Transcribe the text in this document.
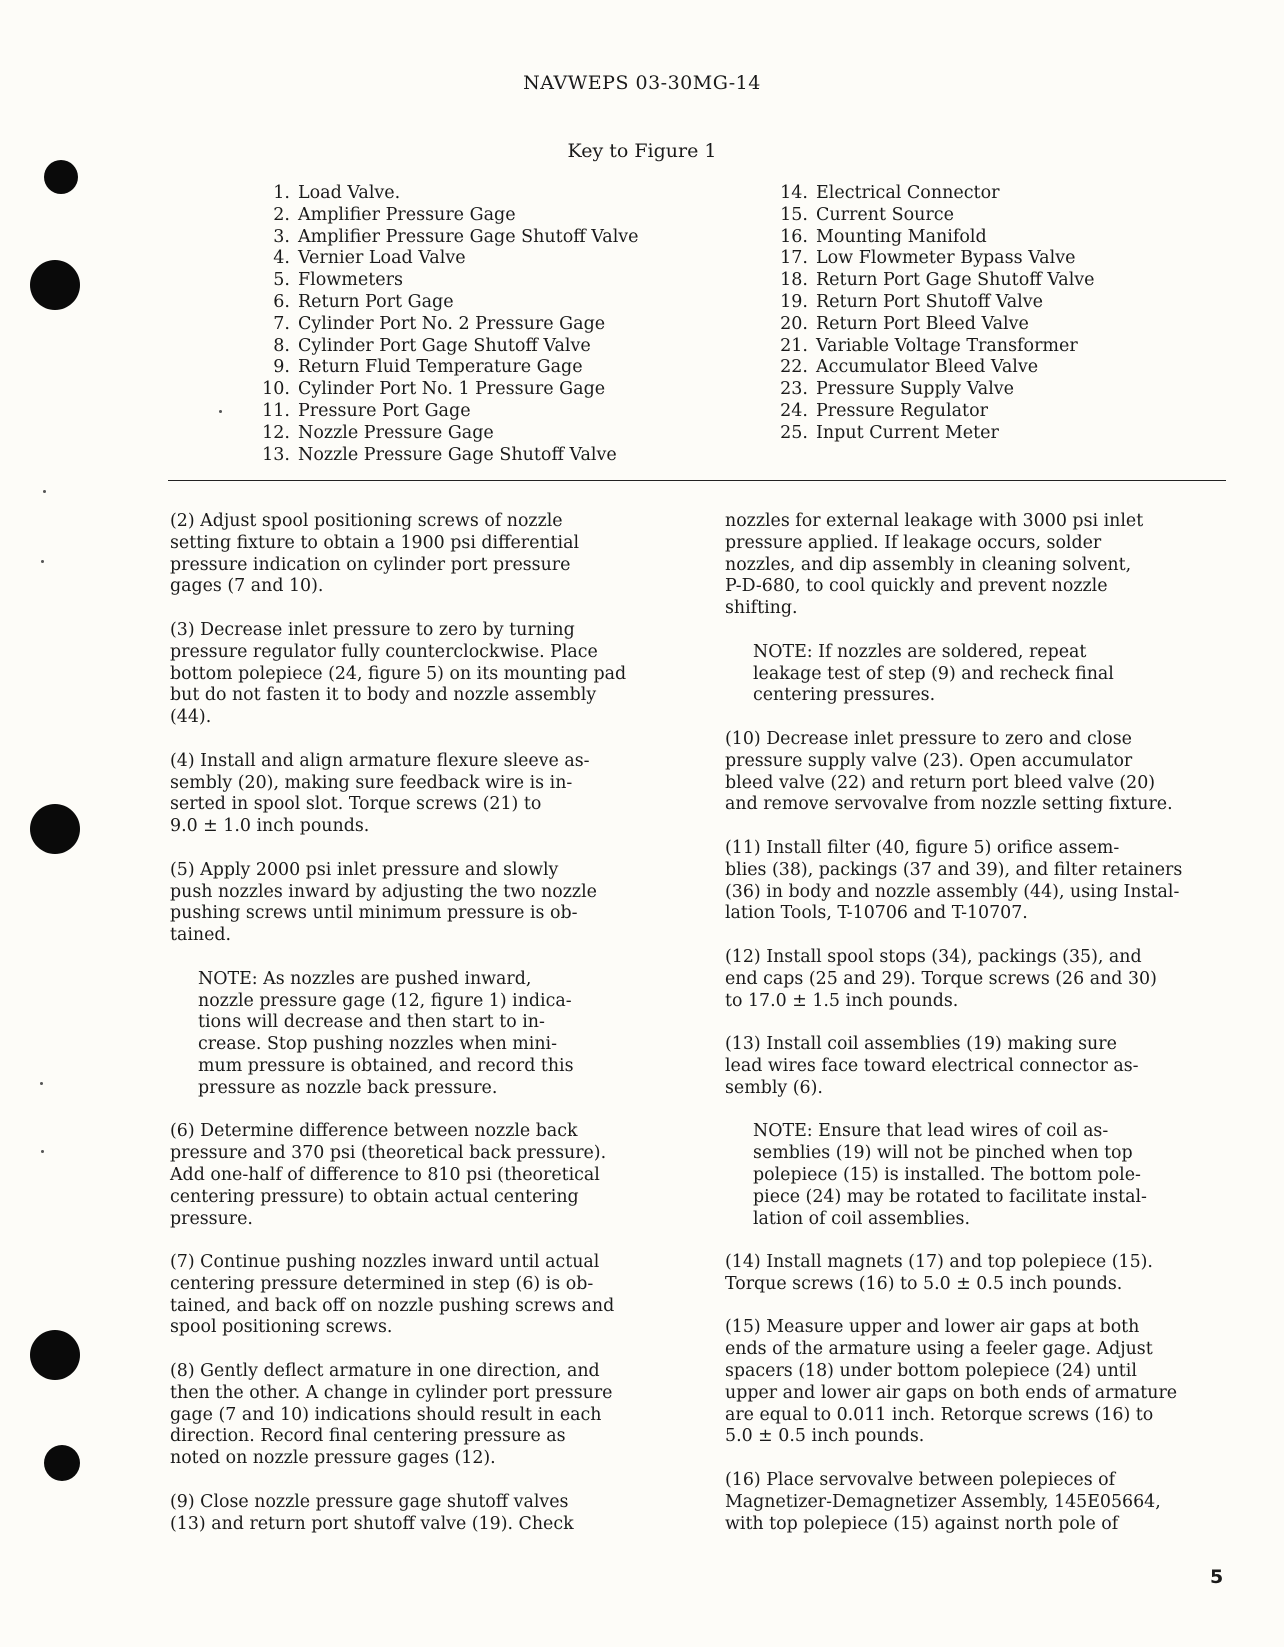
NAVWEPS 03-30MG-14
Key to Figure 1
1. Load Valve.
2. Amplifier Pressure Gage
3. Amplifier Pressure Gage Shutoff Valve
4. Vernier Load Valve
5. Flowmeters
6. Return Port Gage
7. Cylinder Port No. 2 Pressure Gage
8. Cylinder Port Gage Shutoff Valve
9. Return Fluid Temperature Gage
10. Cylinder Port No. 1 Pressure Gage
11. Pressure Port Gage
12. Nozzle Pressure Gage
13. Nozzle Pressure Gage Shutoff Valve
14. Electrical Connector
15. Current Source
16. Mounting Manifold
17. Low Flowmeter Bypass Valve
18. Return Port Gage Shutoff Valve
19. Return Port Shutoff Valve
20. Return Port Bleed Valve
21. Variable Voltage Transformer
22. Accumulator Bleed Valve
23. Pressure Supply Valve
24. Pressure Regulator
25. Input Current Meter

(2) Adjust spool positioning screws of nozzle
setting fixture to obtain a 1900 psi differential
pressure indication on cylinder port pressure
gages (7 and 10).

(3) Decrease inlet pressure to zero by turning
pressure regulator fully counterclockwise. Place
bottom polepiece (24, figure 5) on its mounting pad
but do not fasten it to body and nozzle assembly
(44).

(4) Install and align armature flexure sleeve as-
sembly (20), making sure feedback wire is in-
serted in spool slot. Torque screws (21) to
9.0 ± 1.0 inch pounds.

(5) Apply 2000 psi inlet pressure and slowly
push nozzles inward by adjusting the two nozzle
pushing screws until minimum pressure is ob-
tained.

NOTE: As nozzles are pushed inward,
nozzle pressure gage (12, figure 1) indica-
tions will decrease and then start to in-
crease. Stop pushing nozzles when mini-
mum pressure is obtained, and record this
pressure as nozzle back pressure.

(6) Determine difference between nozzle back
pressure and 370 psi (theoretical back pressure).
Add one-half of difference to 810 psi (theoretical
centering pressure) to obtain actual centering
pressure.

(7) Continue pushing nozzles inward until actual
centering pressure determined in step (6) is ob-
tained, and back off on nozzle pushing screws and
spool positioning screws.

(8) Gently deflect armature in one direction, and
then the other. A change in cylinder port pressure
gage (7 and 10) indications should result in each
direction. Record final centering pressure as
noted on nozzle pressure gages (12).

(9) Close nozzle pressure gage shutoff valves
(13) and return port shutoff valve (19). Check

nozzles for external leakage with 3000 psi inlet
pressure applied. If leakage occurs, solder
nozzles, and dip assembly in cleaning solvent,
P-D-680, to cool quickly and prevent nozzle
shifting.

NOTE: If nozzles are soldered, repeat
leakage test of step (9) and recheck final
centering pressures.

(10) Decrease inlet pressure to zero and close
pressure supply valve (23). Open accumulator
bleed valve (22) and return port bleed valve (20)
and remove servovalve from nozzle setting fixture.

(11) Install filter (40, figure 5) orifice assem-
blies (38), packings (37 and 39), and filter retainers
(36) in body and nozzle assembly (44), using Instal-
lation Tools, T-10706 and T-10707.

(12) Install spool stops (34), packings (35), and
end caps (25 and 29). Torque screws (26 and 30)
to 17.0 ± 1.5 inch pounds.

(13) Install coil assemblies (19) making sure
lead wires face toward electrical connector as-
sembly (6).

NOTE: Ensure that lead wires of coil as-
semblies (19) will not be pinched when top
polepiece (15) is installed. The bottom pole-
piece (24) may be rotated to facilitate instal-
lation of coil assemblies.

(14) Install magnets (17) and top polepiece (15).
Torque screws (16) to 5.0 ± 0.5 inch pounds.

(15) Measure upper and lower air gaps at both
ends of the armature using a feeler gage. Adjust
spacers (18) under bottom polepiece (24) until
upper and lower air gaps on both ends of armature
are equal to 0.011 inch. Retorque screws (16) to
5.0 ± 0.5 inch pounds.

(16) Place servovalve between polepieces of
Magnetizer-Demagnetizer Assembly, 145E05664,
with top polepiece (15) against north pole of

5
